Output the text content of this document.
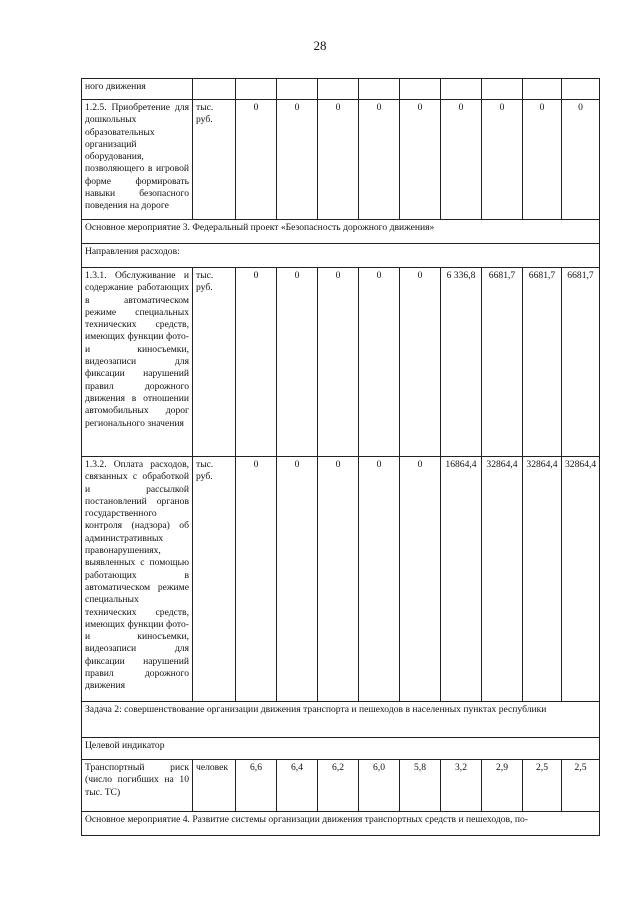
28
ного движения										
1.2.5. Приобретение для дошкольных образовательных организаций оборудования, позволяющего в игровой форме формировать навыки безопасного поведения на дороге	тыс. руб.	0	0	0	0	0	0	0	0	0
Основное мероприятие 3. Федеральный проект «Безопасность дорожного движения»										
Направления расходов:										
1.3.1. Обслуживание и содержание работающих в автоматическом режиме специальных технических средств, имеющих функции фото- и киносъемки, видеозаписи для фиксации нарушений правил дорожного движения в отношении автомобильных дорог регионального значения	тыс. руб.	0	0	0	0	0	6 336,8	6681,7	6681,7	6681,7
1.3.2. Оплата расходов, связанных с обработкой и рассылкой постановлений органов государственного контроля (надзора) об административных правонарушениях, выявленных с помощью работающих в автоматическом режиме специальных технических средств, имеющих функции фото- и киносъемки, видеозаписи для фиксации нарушений правил дорожного движения	тыс. руб.	0	0	0	0	0	16864,4	32864,4	32864,4	32864,4
Задача 2: совершенствование организации движения транспорта и пешеходов в населенных пунктах республики										
Целевой индикатор										
Транспортный риск (число погибших на 10 тыс. ТС)	человек	6,6	6,4	6,2	6,0	5,8	3,2	2,9	2,5	2,5
Основное мероприятие 4. Развитие системы организации движения транспортных средств и пешеходов, по-										
